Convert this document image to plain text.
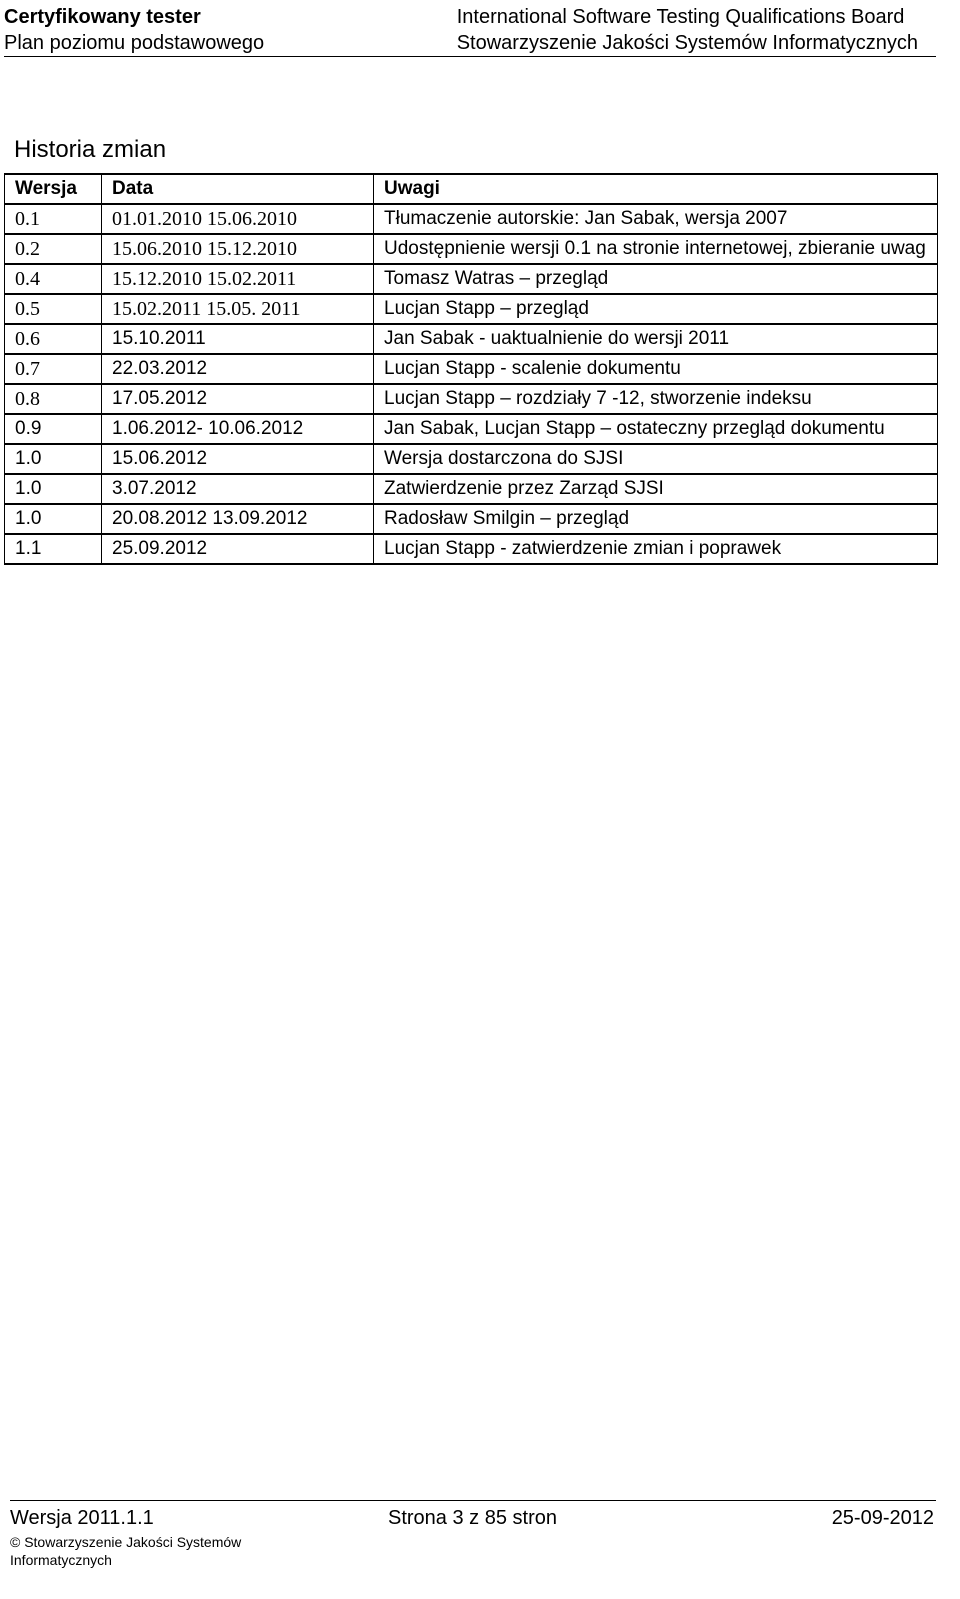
Certyfikowany tester
Plan poziomu podstawowego
International Software Testing Qualifications Board
Stowarzyszenie Jakości Systemów Informatycznych
Historia zmian
Wersja	Data	Uwagi
0.1	01.01.2010 15.06.2010	Tłumaczenie autorskie: Jan Sabak, wersja 2007
0.2	15.06.2010 15.12.2010	Udostępnienie wersji 0.1 na stronie internetowej, zbieranie uwag
0.4	15.12.2010 15.02.2011	Tomasz Watras – przegląd
0.5	15.02.2011 15.05. 2011	Lucjan Stapp – przegląd
0.6	15.10.2011	Jan Sabak - uaktualnienie do wersji 2011
0.7	22.03.2012	Lucjan Stapp - scalenie dokumentu
0.8	17.05.2012	Lucjan Stapp – rozdziały 7 -12, stworzenie indeksu
0.9	1.06.2012- 10.06.2012	Jan Sabak, Lucjan Stapp – ostateczny przegląd dokumentu
1.0	15.06.2012	Wersja dostarczona do SJSI
1.0	3.07.2012	Zatwierdzenie przez Zarząd SJSI
1.0	20.08.2012 13.09.2012	Radosław Smilgin – przegląd
1.1	25.09.2012	Lucjan Stapp - zatwierdzenie zmian i poprawek
Wersja 2011.1.1	Strona 3 z 85 stron	25-09-2012
© Stowarzyszenie Jakości Systemów Informatycznych
